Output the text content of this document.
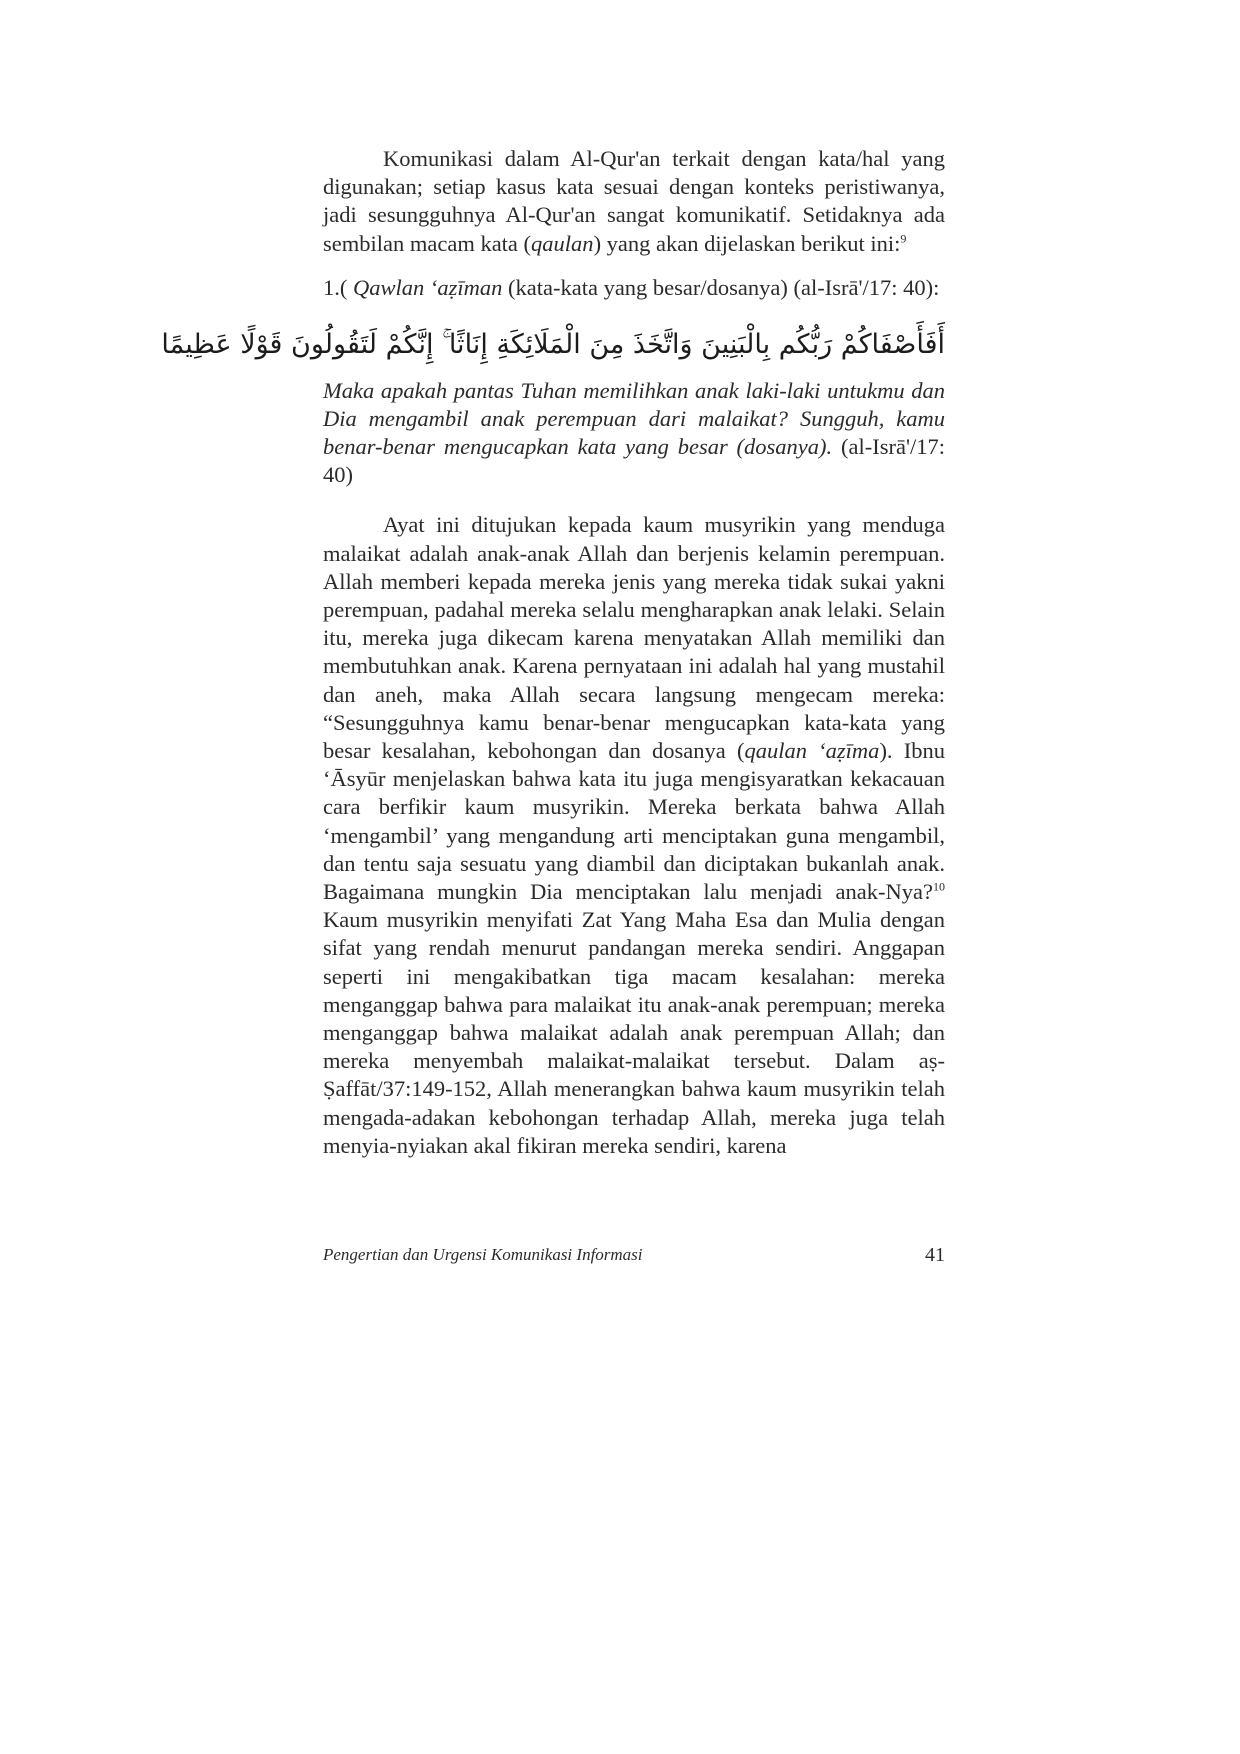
Komunikasi dalam Al-Qur'an terkait dengan kata/hal yang digunakan; setiap kasus kata sesuai dengan konteks peristiwanya, jadi sesungguhnya Al-Qur'an sangat komunikatif. Setidaknya ada sembilan macam kata (qaulan) yang akan dijelaskan berikut ini:$^9$

1.( Qawlan ‘aẓīman (kata-kata yang besar/dosanya) (al-Isrā'/17: 40):

أَفَأَصْفَاكُمْ رَبُّكُم بِالْبَنِينَ وَاتَّخَذَ مِنَ الْمَلَائِكَةِ إِنَاثًا ۚ إِنَّكُمْ لَتَقُولُونَ قَوْلًا عَظِيمًا

Maka apakah pantas Tuhan memilihkan anak laki-laki untukmu dan Dia mengambil anak perempuan dari malaikat? Sungguh, kamu benar-benar mengucapkan kata yang besar (dosanya). (al-Isrā'/17: 40)

Ayat ini ditujukan kepada kaum musyrikin yang menduga malaikat adalah anak-anak Allah dan berjenis kelamin perempuan. Allah memberi kepada mereka jenis yang mereka tidak sukai yakni perempuan, padahal mereka selalu mengharapkan anak lelaki. Selain itu, mereka juga dikecam karena menyatakan Allah memiliki dan membutuhkan anak. Karena pernyataan ini adalah hal yang mustahil dan aneh, maka Allah secara langsung mengecam mereka: “Sesungguhnya kamu benar-benar mengucapkan kata-kata yang besar kesalahan, kebohongan dan dosanya (qaulan ‘aẓīma). Ibnu ‘Āsyūr menjelaskan bahwa kata itu juga mengisyaratkan kekacauan cara berfikir kaum musyrikin. Mereka berkata bahwa Allah ‘mengambil’ yang mengandung arti menciptakan guna mengambil, dan tentu saja sesuatu yang diambil dan diciptakan bukanlah anak. Bagaimana mungkin Dia menciptakan lalu menjadi anak-Nya?$^{10}$ Kaum musyrikin menyifati Zat Yang Maha Esa dan Mulia dengan sifat yang rendah menurut pandangan mereka sendiri. Anggapan seperti ini mengakibatkan tiga macam kesalahan: mereka menganggap bahwa para malaikat itu anak-anak perempuan; mereka menganggap bahwa malaikat adalah anak perempuan Allah; dan mereka menyembah malaikat-malaikat tersebut. Dalam aṣ-Ṣaffāt/37:149-152, Allah menerangkan bahwa kaum musyrikin telah mengada-adakan kebohongan terhadap Allah, mereka juga telah menyia-nyiakan akal fikiran mereka sendiri, karena

Pengertian dan Urgensi Komunikasi Informasi	41
